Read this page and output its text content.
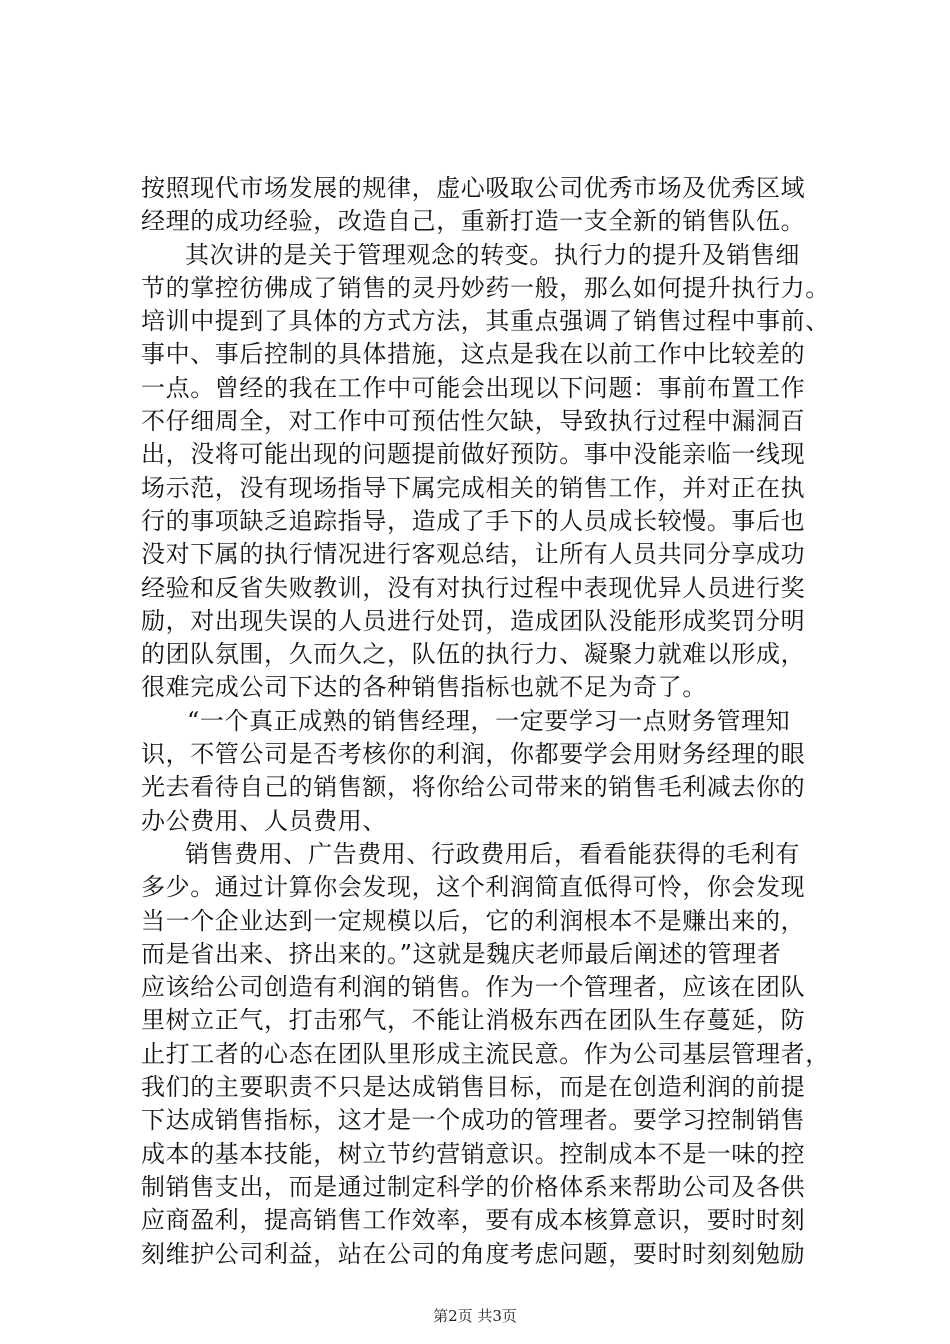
按照现代市场发展的规律，虚心吸取公司优秀市场及优秀区域
经理的成功经验，改造自己，重新打造一支全新的销售队伍。
其次讲的是关于管理观念的转变。执行力的提升及销售细
节的掌控彷佛成了销售的灵丹妙药一般，那么如何提升执行力。
培训中提到了具体的方式方法，其重点强调了销售过程中事前、
事中、事后控制的具体措施，这点是我在以前工作中比较差的
一点。曾经的我在工作中可能会出现以下问题：事前布置工作
不仔细周全，对工作中可预估性欠缺，导致执行过程中漏洞百
出，没将可能出现的问题提前做好预防。事中没能亲临一线现
场示范，没有现场指导下属完成相关的销售工作，并对正在执
行的事项缺乏追踪指导，造成了手下的人员成长较慢。事后也
没对下属的执行情况进行客观总结，让所有人员共同分享成功
经验和反省失败教训，没有对执行过程中表现优异人员进行奖
励，对出现失误的人员进行处罚，造成团队没能形成奖罚分明
的团队氛围，久而久之，队伍的执行力、凝聚力就难以形成，
很难完成公司下达的各种销售指标也就不足为奇了。
“一个真正成熟的销售经理，一定要学习一点财务管理知
识，不管公司是否考核你的利润，你都要学会用财务经理的眼
光去看待自己的销售额，将你给公司带来的销售毛利减去你的
办公费用、人员费用、
销售费用、广告费用、行政费用后，看看能获得的毛利有
多少。通过计算你会发现，这个利润简直低得可怜，你会发现
当一个企业达到一定规模以后，它的利润根本不是赚出来的，
而是省出来、挤出来的。”这就是魏庆老师最后阐述的管理者
应该给公司创造有利润的销售。作为一个管理者，应该在团队
里树立正气，打击邪气，不能让消极东西在团队生存蔓延，防
止打工者的心态在团队里形成主流民意。作为公司基层管理者，
我们的主要职责不只是达成销售目标，而是在创造利润的前提
下达成销售指标，这才是一个成功的管理者。要学习控制销售
成本的基本技能，树立节约营销意识。控制成本不是一味的控
制销售支出，而是通过制定科学的价格体系来帮助公司及各供
应商盈利，提高销售工作效率，要有成本核算意识，要时时刻
刻维护公司利益，站在公司的角度考虑问题，要时时刻刻勉励
第2页 共3页
